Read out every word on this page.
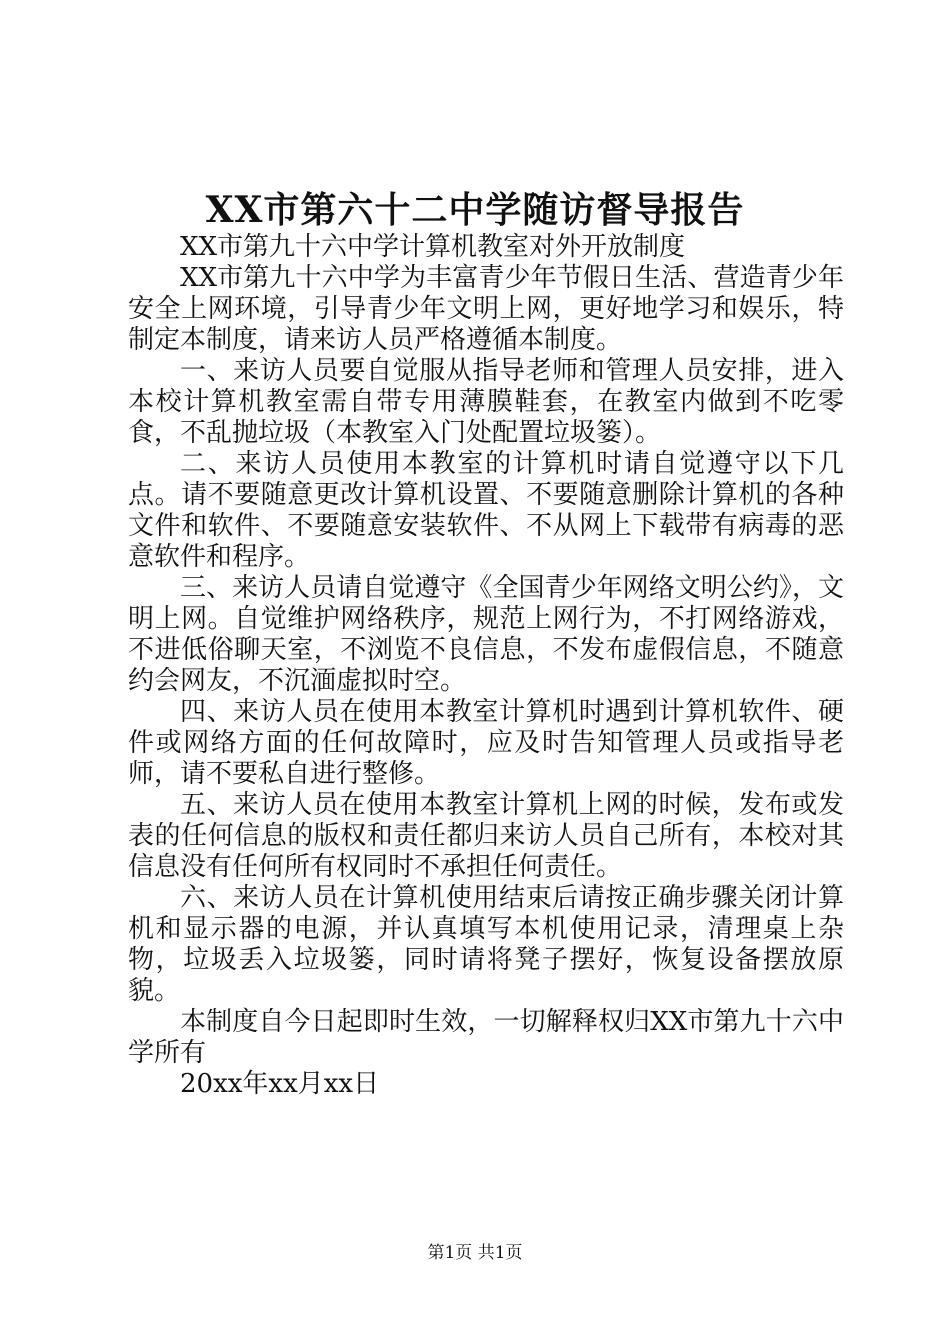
XX市第六十二中学随访督导报告

XX市第九十六中学计算机教室对外开放制度

XX市第九十六中学为丰富青少年节假日生活、营造青少年安全上网环境，引导青少年文明上网，更好地学习和娱乐，特制定本制度，请来访人员严格遵循本制度。

一、来访人员要自觉服从指导老师和管理人员安排，进入本校计算机教室需自带专用薄膜鞋套，在教室内做到不吃零食，不乱抛垃圾（本教室入门处配置垃圾篓）。

二、来访人员使用本教室的计算机时请自觉遵守以下几点。请不要随意更改计算机设置、不要随意删除计算机的各种文件和软件、不要随意安装软件、不从网上下载带有病毒的恶意软件和程序。

三、来访人员请自觉遵守《全国青少年网络文明公约》，文明上网。自觉维护网络秩序，规范上网行为，不打网络游戏，不进低俗聊天室，不浏览不良信息，不发布虚假信息，不随意约会网友，不沉湎虚拟时空。

四、来访人员在使用本教室计算机时遇到计算机软件、硬件或网络方面的任何故障时，应及时告知管理人员或指导老师，请不要私自进行整修。

五、来访人员在使用本教室计算机上网的时候，发布或发表的任何信息的版权和责任都归来访人员自己所有，本校对其信息没有任何所有权同时不承担任何责任。

六、来访人员在计算机使用结束后请按正确步骤关闭计算机和显示器的电源，并认真填写本机使用记录，清理桌上杂物，垃圾丢入垃圾篓，同时请将凳子摆好，恢复设备摆放原貌。

本制度自今日起即时生效，一切解释权归XX市第九十六中学所有

20xx年xx月xx日

第1页 共1页
